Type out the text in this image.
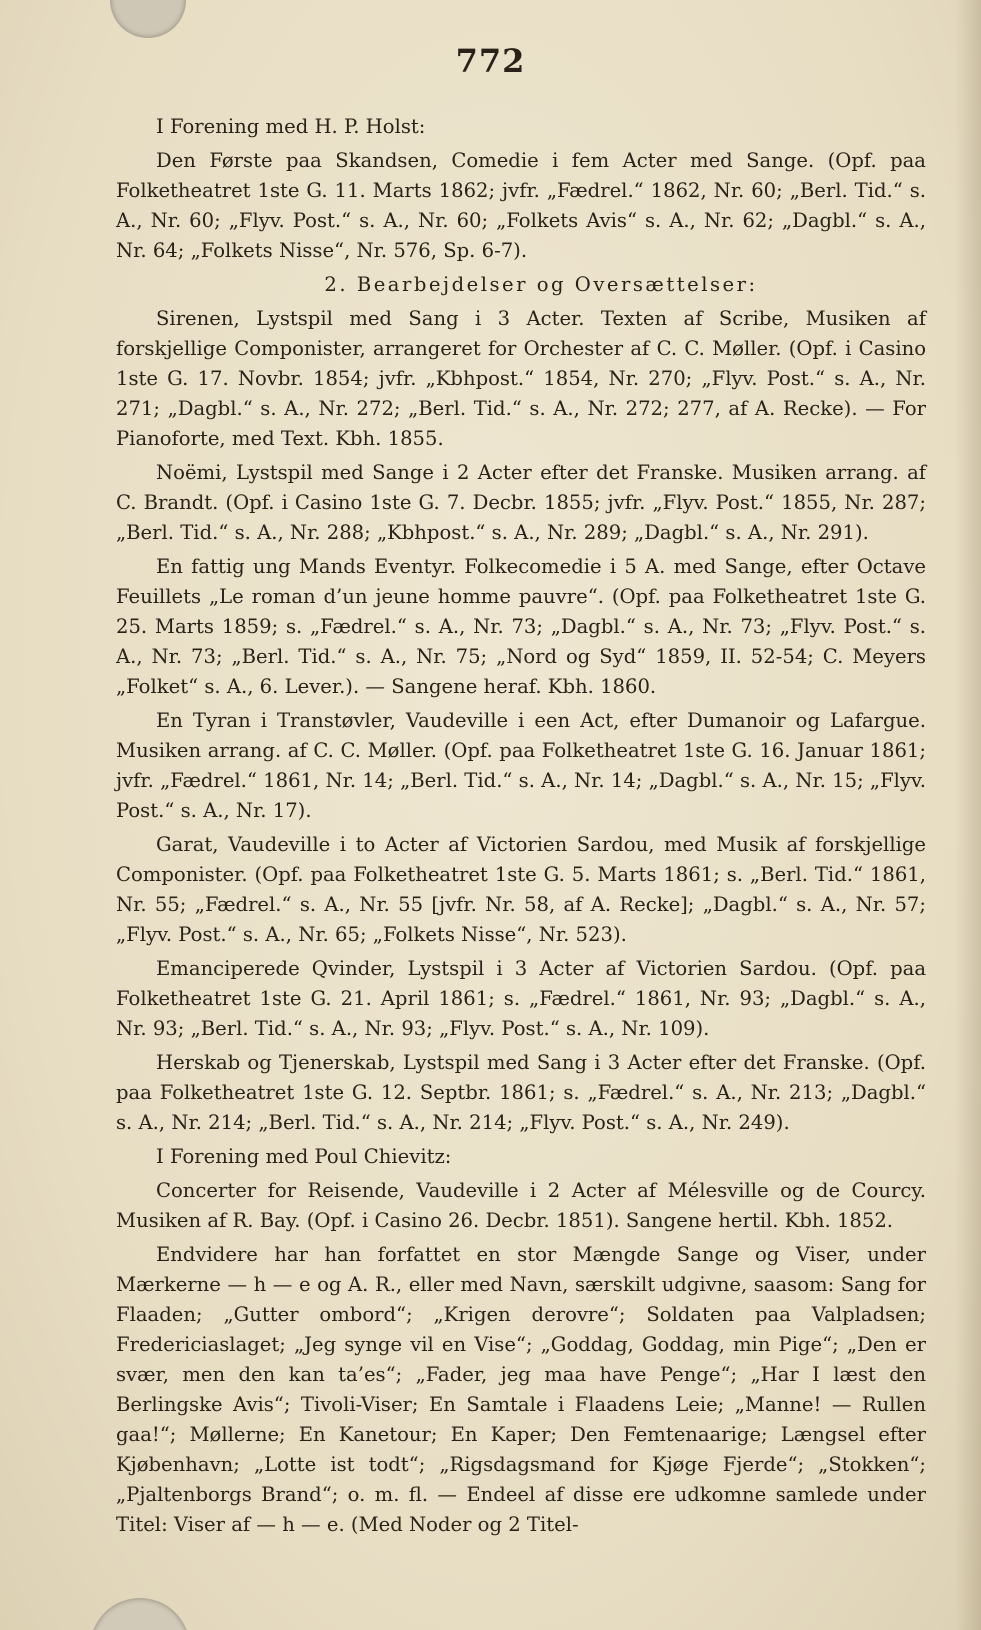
772

I Forening med H. P. Holst:

Den Første paa Skandsen, Comedie i fem Acter med Sange. (Opf. paa Folketheatret 1ste G. 11. Marts 1862; jvfr. „Fædrel.“ 1862, Nr. 60; „Berl. Tid.“ s. A., Nr. 60; „Flyv. Post.“ s. A., Nr. 60; „Folkets Avis“ s. A., Nr. 62; „Dagbl.“ s. A., Nr. 64; „Folkets Nisse“, Nr. 576, Sp. 6-7).

2. Bearbejdelser og Oversættelser:

Sirenen, Lystspil med Sang i 3 Acter. Texten af Scribe, Musiken af forskjellige Componister, arrangeret for Orchester af C. C. Møller. (Opf. i Casino 1ste G. 17. Novbr. 1854; jvfr. „Kbhpost.“ 1854, Nr. 270; „Flyv. Post.“ s. A., Nr. 271; „Dagbl.“ s. A., Nr. 272; „Berl. Tid.“ s. A., Nr. 272; 277, af A. Recke). — For Pianoforte, med Text. Kbh. 1855.

Noëmi, Lystspil med Sange i 2 Acter efter det Franske. Musiken arrang. af C. Brandt. (Opf. i Casino 1ste G. 7. Decbr. 1855; jvfr. „Flyv. Post.“ 1855, Nr. 287; „Berl. Tid.“ s. A., Nr. 288; „Kbhpost.“ s. A., Nr. 289; „Dagbl.“ s. A., Nr. 291).

En fattig ung Mands Eventyr. Folkecomedie i 5 A. med Sange, efter Octave Feuillets „Le roman d’un jeune homme pauvre“. (Opf. paa Folketheatret 1ste G. 25. Marts 1859; s. „Fædrel.“ s. A., Nr. 73; „Dagbl.“ s. A., Nr. 73; „Flyv. Post.“ s. A., Nr. 73; „Berl. Tid.“ s. A., Nr. 75; „Nord og Syd“ 1859, II. 52-54; C. Meyers „Folket“ s. A., 6. Lever.). — Sangene heraf. Kbh. 1860.

En Tyran i Transtøvler, Vaudeville i een Act, efter Dumanoir og Lafargue. Musiken arrang. af C. C. Møller. (Opf. paa Folketheatret 1ste G. 16. Januar 1861; jvfr. „Fædrel.“ 1861, Nr. 14; „Berl. Tid.“ s. A., Nr. 14; „Dagbl.“ s. A., Nr. 15; „Flyv. Post.“ s. A., Nr. 17).

Garat, Vaudeville i to Acter af Victorien Sardou, med Musik af forskjellige Componister. (Opf. paa Folketheatret 1ste G. 5. Marts 1861; s. „Berl. Tid.“ 1861, Nr. 55; „Fædrel.“ s. A., Nr. 55 [jvfr. Nr. 58, af A. Recke]; „Dagbl.“ s. A., Nr. 57; „Flyv. Post.“ s. A., Nr. 65; „Folkets Nisse“, Nr. 523).

Emanciperede Qvinder, Lystspil i 3 Acter af Victorien Sardou. (Opf. paa Folketheatret 1ste G. 21. April 1861; s. „Fædrel.“ 1861, Nr. 93; „Dagbl.“ s. A., Nr. 93; „Berl. Tid.“ s. A., Nr. 93; „Flyv. Post.“ s. A., Nr. 109).

Herskab og Tjenerskab, Lystspil med Sang i 3 Acter efter det Franske. (Opf. paa Folketheatret 1ste G. 12. Septbr. 1861; s. „Fædrel.“ s. A., Nr. 213; „Dagbl.“ s. A., Nr. 214; „Berl. Tid.“ s. A., Nr. 214; „Flyv. Post.“ s. A., Nr. 249).

I Forening med Poul Chievitz:

Concerter for Reisende, Vaudeville i 2 Acter af Mélesville og de Courcy. Musiken af R. Bay. (Opf. i Casino 26. Decbr. 1851). Sangene hertil. Kbh. 1852.

Endvidere har han forfattet en stor Mængde Sange og Viser, under Mærkerne — h — e og A. R., eller med Navn, særskilt udgivne, saasom: Sang for Flaaden; „Gutter ombord“; „Krigen derovre“; Soldaten paa Valpladsen; Fredericiaslaget; „Jeg synge vil en Vise“; „Goddag, Goddag, min Pige“; „Den er svær, men den kan ta’es“; „Fader, jeg maa have Penge“; „Har I læst den Berlingske Avis“; Tivoli-Viser; En Samtale i Flaadens Leie; „Manne! — Rullen gaa!“; Møllerne; En Kanetour; En Kaper; Den Femtenaarige; Længsel efter Kjøbenhavn; „Lotte ist todt“; „Rigsdagsmand for Kjøge Fjerde“; „Stokken“; „Pjaltenborgs Brand“; o. m. fl. — Endeel af disse ere udkomne samlede under Titel: Viser af — h — e. (Med Noder og 2 Titel-
